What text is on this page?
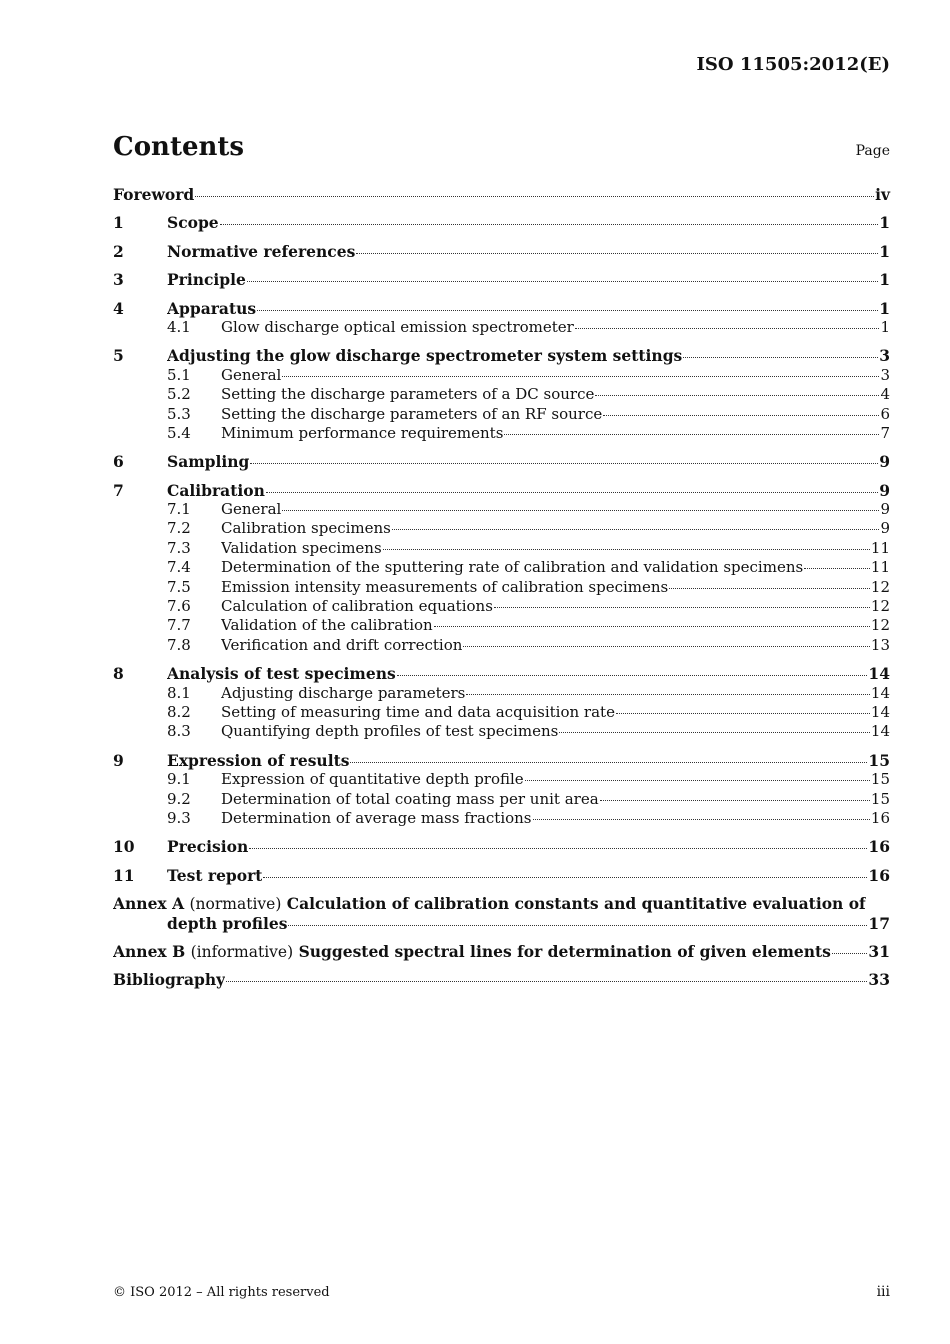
ISO 11505:2012(E)
Contents	Page
Foreword	iv
1	Scope	1
2	Normative references	1
3	Principle	1
4	Apparatus	1
4.1	Glow discharge optical emission spectrometer	1
5	Adjusting the glow discharge spectrometer system settings	3
5.1	General	3
5.2	Setting the discharge parameters of a DC source	4
5.3	Setting the discharge parameters of an RF source	6
5.4	Minimum performance requirements	7
6	Sampling	9
7	Calibration	9
7.1	General	9
7.2	Calibration specimens	9
7.3	Validation specimens	11
7.4	Determination of the sputtering rate of calibration and validation specimens	11
7.5	Emission intensity measurements of calibration specimens	12
7.6	Calculation of calibration equations	12
7.7	Validation of the calibration	12
7.8	Verification and drift correction	13
8	Analysis of test specimens	14
8.1	Adjusting discharge parameters	14
8.2	Setting of measuring time and data acquisition rate	14
8.3	Quantifying depth profiles of test specimens	14
9	Expression of results	15
9.1	Expression of quantitative depth profile	15
9.2	Determination of total coating mass per unit area	15
9.3	Determination of average mass fractions	16
10	Precision	16
11	Test report	16
Annex A (normative) Calculation of calibration constants and quantitative evaluation of
depth profiles	17
Annex B (informative) Suggested spectral lines for determination of given elements 31
Bibliography	33
© ISO 2012 – All rights reserved	iii
